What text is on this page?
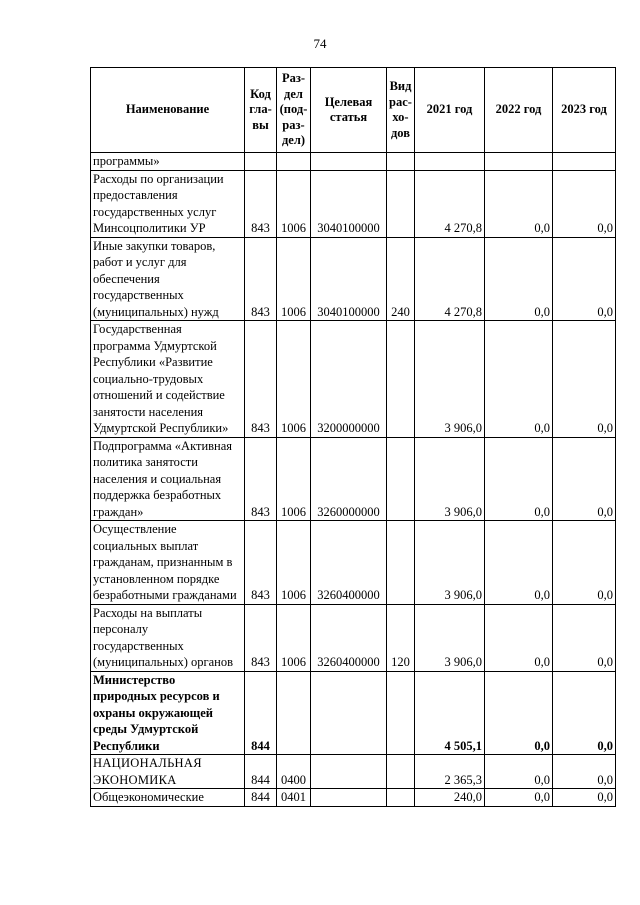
74
Наименование	Код гла-вы	Раз-дел (под-раз-дел)	Целевая статья	Вид рас-хо-дов	2021 год	2022 год	2023 год
программы»							
Расходы по организации предоставления государственных услуг Минсоцполитики УР	843	1006	3040100000		4 270,8	0,0	0,0
Иные закупки товаров, работ и услуг для обеспечения государственных (муниципальных) нужд	843	1006	3040100000	240	4 270,8	0,0	0,0
Государственная программа Удмуртской Республики «Развитие социально-трудовых отношений и содействие занятости населения Удмуртской Республики»	843	1006	3200000000		3 906,0	0,0	0,0
Подпрограмма «Активная политика занятости населения и социальная поддержка безработных граждан»	843	1006	3260000000		3 906,0	0,0	0,0
Осуществление социальных выплат гражданам, признанным в установленном порядке безработными гражданами	843	1006	3260400000		3 906,0	0,0	0,0
Расходы на выплаты персоналу государственных (муниципальных) органов	843	1006	3260400000	120	3 906,0	0,0	0,0
Министерство природных ресурсов и охраны окружающей среды Удмуртской Республики	844				4 505,1	0,0	0,0
НАЦИОНАЛЬНАЯ ЭКОНОМИКА	844	0400			2 365,3	0,0	0,0
Общеэкономические	844	0401			240,0	0,0	0,0
